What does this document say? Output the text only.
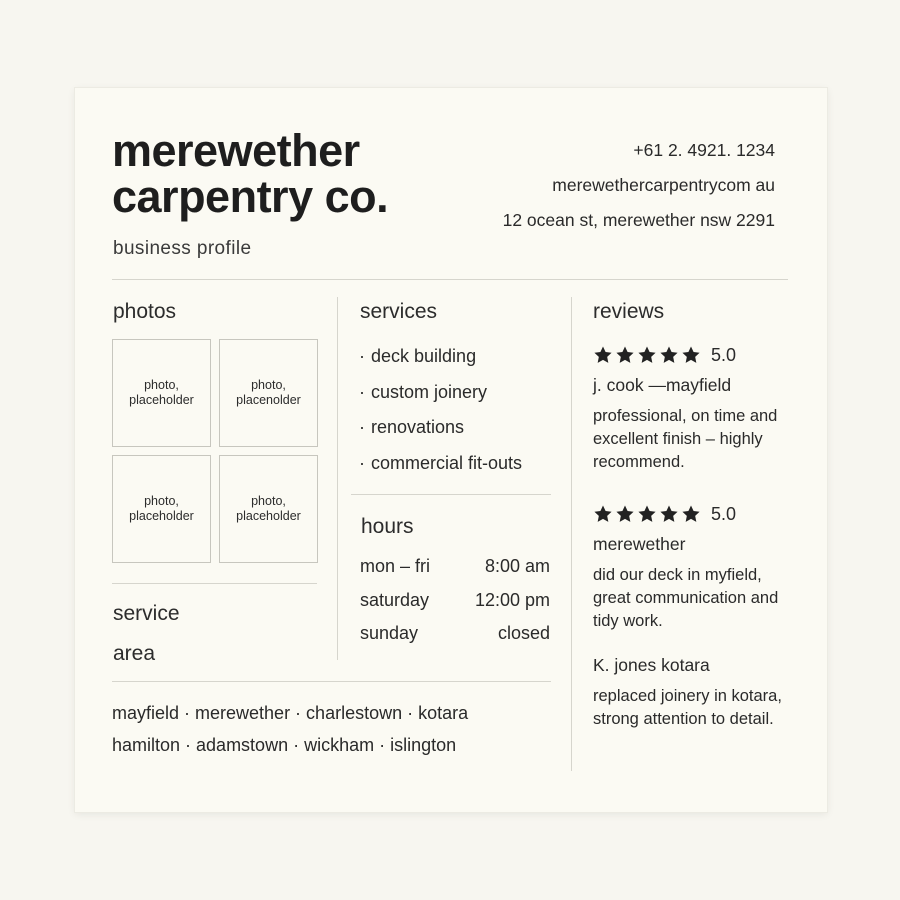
merewether
carpentry co.
business profile
+61 2. 4921. 1234
merewethercarpentrycom au
12 ocean st, merewether nsw 2291
photos
photo,
placeholder
photo,
placenolder
photo,
placeholder
photo,
placeholder
service
area
mayfield · merewether · charlestown · kotara
hamilton · adamstown · wickham · islington
services
· deck building
· custom joinery
· renovations
· commercial fit-outs
hours
mon – fri	8:00 am
saturday	12:00 pm
sunday	closed
reviews
5.0
j. cook —mayfield
professional, on time and excellent finish – highly recommend.
5.0
merewether
did our deck in myfield, great communication and tidy work.
K. jones kotara
replaced joinery in kotara, strong attention to detail.
